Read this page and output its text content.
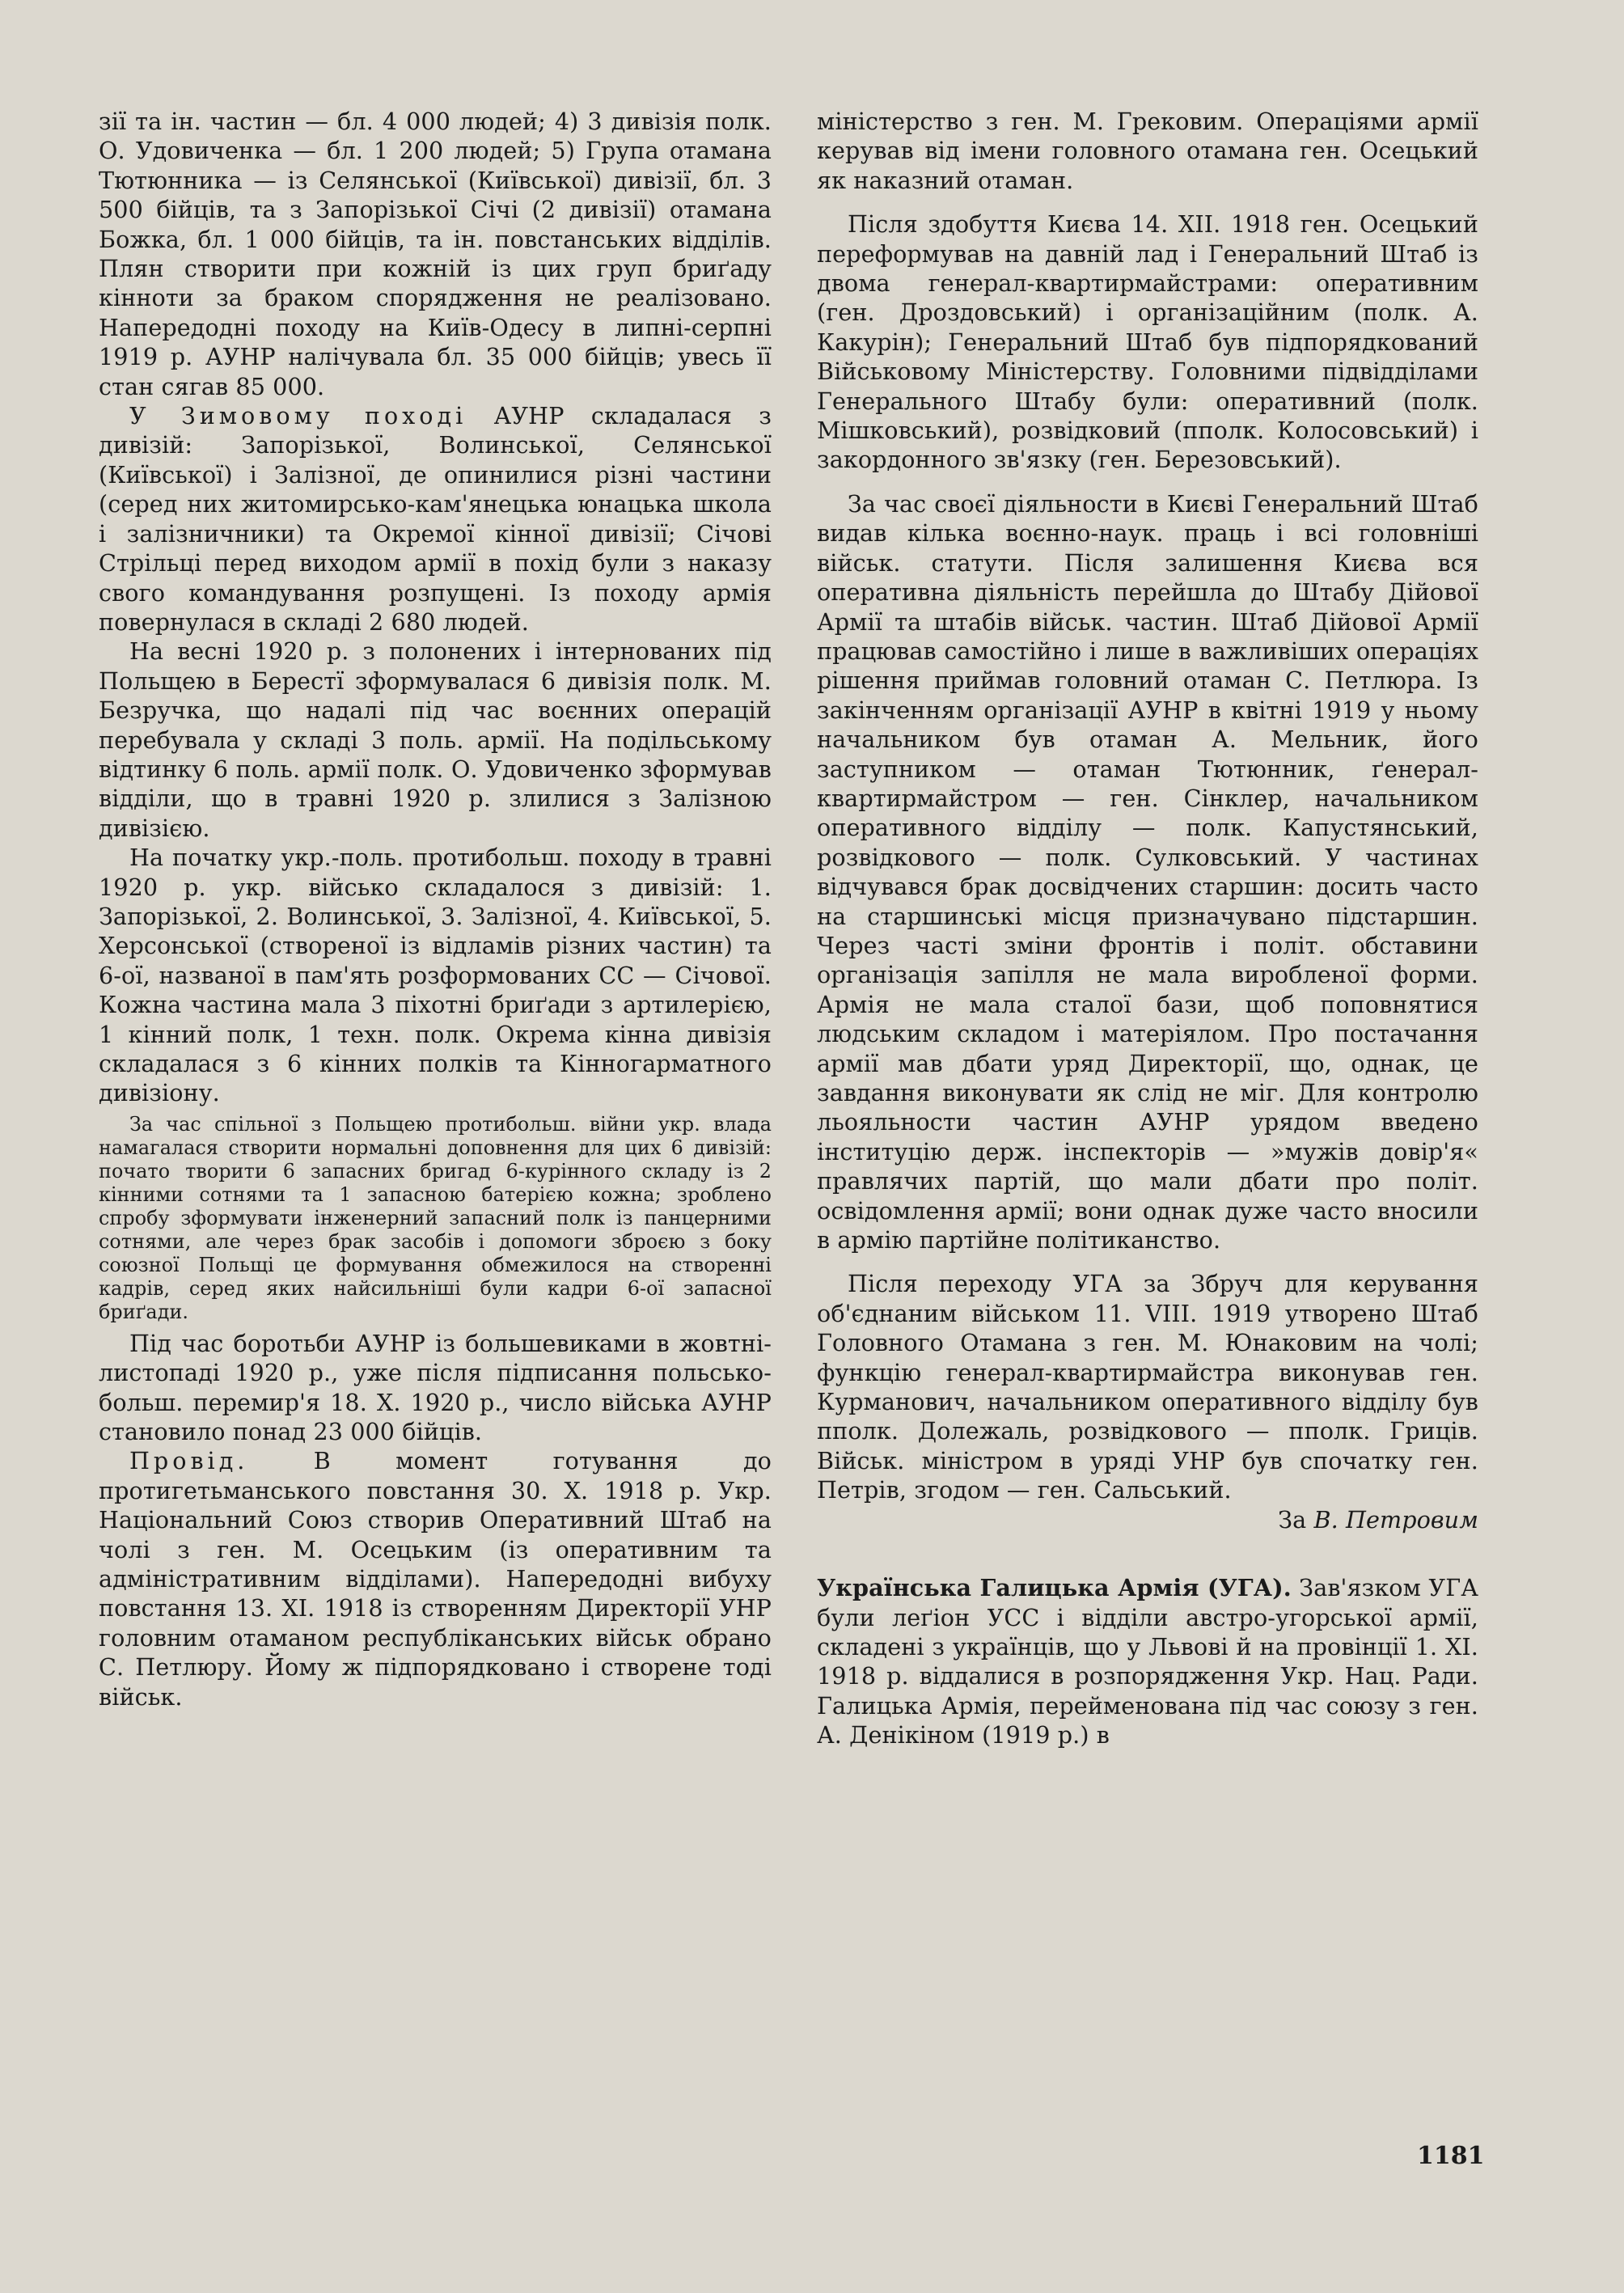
зії та ін. частин — бл. 4 000 людей; 4) 3 дивізія полк. О. Удовиченка — бл. 1 200 людей; 5) Група отамана Тютюнника — із Селянської (Київської) дивізії, бл. 3 500 бійців, та з Запорізької Січі (2 дивізії) отамана Божка, бл. 1 000 бійців, та ін. повстанських відділів. Плян створити при кожній із цих груп бриґаду кінноти за браком спорядження не реалізовано. Напередодні походу на Київ-Одесу в липні-серпні 1919 р. АУНР налічувала бл. 35 000 бійців; увесь її стан сягав 85 000.

У Зимовому поході АУНР складалася з дивізій: Запорізької, Волинської, Селянської (Київської) і Залізної, де опинилися різні частини (серед них житомирсько-кам'янецька юнацька школа і залізничники) та Окремої кінної дивізії; Січові Стрільці перед виходом армії в похід були з наказу свого командування розпущені. Із походу армія повернулася в складі 2 680 людей.

На весні 1920 р. з полонених і інтернованих під Польщею в Берестї зформувалася 6 дивізія полк. М. Безручка, що надалі під час воєнних операцій перебувала у складі 3 поль. армії. На подільському відтинку 6 поль. армії полк. О. Удовиченко зформував відділи, що в травні 1920 р. злилися з Залізною дивізією.

На початку укр.-поль. протибольш. походу в травні 1920 р. укр. військо складалося з дивізій: 1. Запорізької, 2. Волинської, 3. Залізної, 4. Київської, 5. Херсонської (створеної із відламів різних частин) та 6-ої, названої в пам'ять розформованих СС — Січової. Кожна частина мала 3 піхотні бриґади з артилерією, 1 кінний полк, 1 техн. полк. Окрема кінна дивізія складалася з 6 кінних полків та Кінногарматного дивізіону.

За час спільної з Польщею протибольш. війни укр. влада намагалася створити нормальні доповнення для цих 6 дивізій: почато творити 6 запасних бригад 6-курінного складу із 2 кінними сотнями та 1 запасною батерією кожна; зроблено спробу зформувати інженерний запасний полк із панцерними сотнями, але через брак засобів і допомоги зброєю з боку союзної Польщі це формування обмежилося на створенні кадрів, серед яких найсильніші були кадри 6-ої запасної бриґади.

Під час боротьби АУНР із большевиками в жовтні-листопаді 1920 р., уже після підписання польсько-больш. перемир'я 18. X. 1920 р., число війська АУНР становило понад 23 000 бійців.

Провід. В момент готування до протигетьманського повстання 30. X. 1918 р. Укр. Національний Союз створив Оперативний Штаб на чолі з ген. М. Осецьким (із оперативним та адміністративним відділами). Напередодні вибуху повстання 13. XI. 1918 із створенням Директорії УНР головним отаманом республіканських військ обрано С. Петлюру. Йому ж підпорядковано і створене тоді військ.

міністерство з ген. М. Грековим. Операціями армії керував від імени головного отамана ген. Осецький як наказний отаман.

Після здобуття Києва 14. XII. 1918 ген. Осецький переформував на давній лад і Генеральний Штаб із двома генерал-квартирмайстрами: оперативним (ген. Дроздовський) і організаційним (полк. А. Какурін); Генеральний Штаб був підпорядкований Військовому Міністерству. Головними підвідділами Генерального Штабу були: оперативний (полк. Мішковський), розвідковий (пполк. Колосовський) і закордонного зв'язку (ген. Березовський).

За час своєї діяльности в Києві Генеральний Штаб видав кілька воєнно-наук. праць і всі головніші військ. статути. Після залишення Києва вся оперативна діяльність перейшла до Штабу Дійової Армії та штабів військ. частин. Штаб Дійової Армії працював самостійно і лише в важливіших операціях рішення приймав головний отаман С. Петлюра. Із закінченням організації АУНР в квітні 1919 у ньому начальником був отаман А. Мельник, його заступником — отаман Тютюнник, ґенерал-квартирмайстром — ген. Сінклер, начальником оперативного відділу — полк. Капустянський, розвідкового — полк. Сулковський. У частинах відчувався брак досвідчених старшин: досить часто на старшинські місця призначувано підстаршин. Через часті зміни фронтів і політ. обставини організація запілля не мала виробленої форми. Армія не мала сталої бази, щоб поповнятися людським складом і матеріялом. Про постачання армії мав дбати уряд Директорії, що, однак, це завдання виконувати як слід не міг. Для контролю льояльности частин АУНР урядом введено інституцію держ. інспекторів — »мужів довір'я« правлячих партій, що мали дбати про політ. освідомлення армії; вони однак дуже часто вносили в армію партійне політиканство.

Після переходу УГА за Збруч для керування об'єднаним військом 11. VIII. 1919 утворено Штаб Головного Отамана з ген. М. Юнаковим на чолі; функцію генерал-квартирмайстра виконував ген. Курманович, начальником оперативного відділу був пполк. Долежаль, розвідкового — пполк. Гриців. Військ. міністром в уряді УНР був спочатку ген. Петрів, згодом — ген. Сальський.

За В. Петровим

Українська Галицька Армія (УГА). Зав'язком УГА були леґіон УСС і відділи австро-угорської армії, складені з українців, що у Львові й на провінції 1. XI. 1918 р. віддалися в розпорядження Укр. Нац. Ради. Галицька Армія, перейменована під час союзу з ген. А. Денікіном (1919 р.) в

1181
